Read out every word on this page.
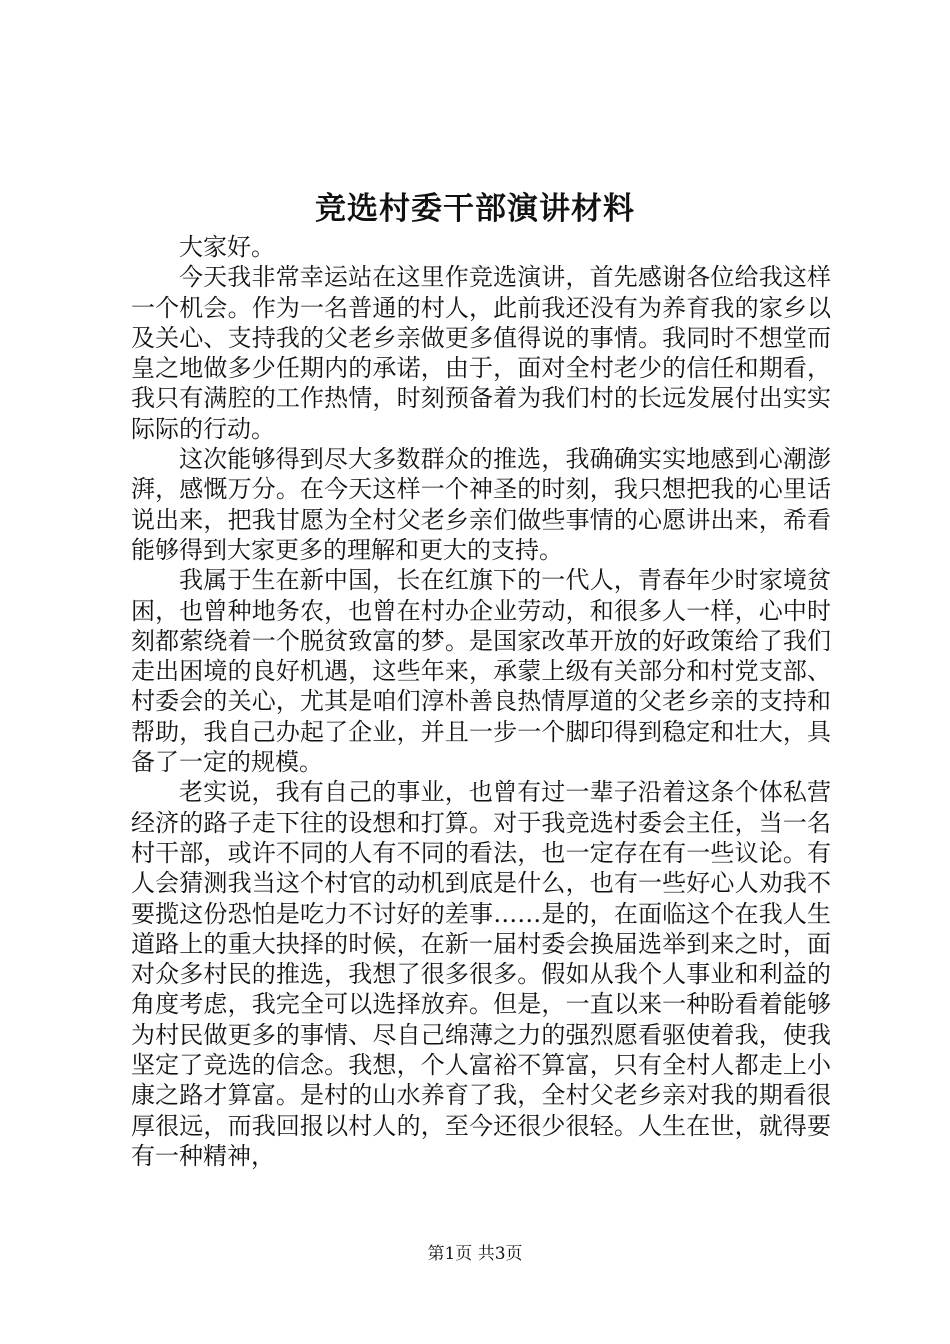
竞选村委干部演讲材料

大家好。

今天我非常幸运站在这里作竞选演讲，首先感谢各位给我这样一个机会。作为一名普通的村人，此前我还没有为养育我的家乡以及关心、支持我的父老乡亲做更多值得说的事情。我同时不想堂而皇之地做多少任期内的承诺，由于，面对全村老少的信任和期看，我只有满腔的工作热情，时刻预备着为我们村的长远发展付出实实际际的行动。

这次能够得到尽大多数群众的推选，我确确实实地感到心潮澎湃，感慨万分。在今天这样一个神圣的时刻，我只想把我的心里话说出来，把我甘愿为全村父老乡亲们做些事情的心愿讲出来，希看能够得到大家更多的理解和更大的支持。

我属于生在新中国，长在红旗下的一代人，青春年少时家境贫困，也曾种地务农，也曾在村办企业劳动，和很多人一样，心中时刻都萦绕着一个脱贫致富的梦。是国家改革开放的好政策给了我们走出困境的良好机遇，这些年来，承蒙上级有关部分和村党支部、村委会的关心，尤其是咱们淳朴善良热情厚道的父老乡亲的支持和帮助，我自己办起了企业，并且一步一个脚印得到稳定和壮大，具备了一定的规模。

老实说，我有自己的事业，也曾有过一辈子沿着这条个体私营经济的路子走下往的设想和打算。对于我竞选村委会主任，当一名村干部，或许不同的人有不同的看法，也一定存在有一些议论。有人会猜测我当这个村官的动机到底是什么，也有一些好心人劝我不要揽这份恐怕是吃力不讨好的差事……是的，在面临这个在我人生道路上的重大抉择的时候，在新一届村委会换届选举到来之时，面对众多村民的推选，我想了很多很多。假如从我个人事业和利益的角度考虑，我完全可以选择放弃。但是，一直以来一种盼看着能够为村民做更多的事情、尽自己绵薄之力的强烈愿看驱使着我，使我坚定了竞选的信念。我想，个人富裕不算富，只有全村人都走上小康之路才算富。是村的山水养育了我，全村父老乡亲对我的期看很厚很远，而我回报以村人的，至今还很少很轻。人生在世，就得要有一种精神，

第1页 共3页
